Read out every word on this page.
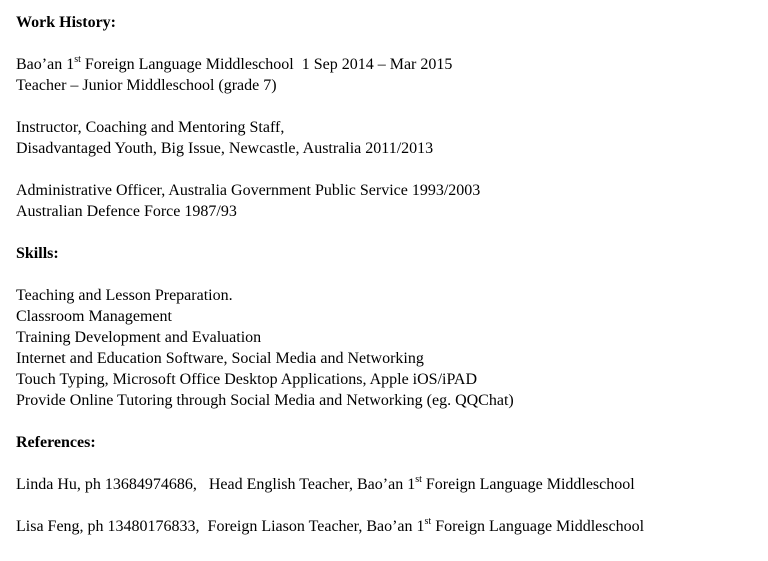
Work History:
Bao’an 1st Foreign Language Middleschool  1 Sep 2014 – Mar 2015
Teacher – Junior Middleschool (grade 7)
Instructor, Coaching and Mentoring Staff,
Disadvantaged Youth, Big Issue, Newcastle, Australia 2011/2013
Administrative Officer, Australia Government Public Service 1993/2003
Australian Defence Force 1987/93
Skills:
Teaching and Lesson Preparation.
Classroom Management
Training Development and Evaluation
Internet and Education Software, Social Media and Networking
Touch Typing, Microsoft Office Desktop Applications, Apple iOS/iPAD
Provide Online Tutoring through Social Media and Networking (eg. QQChat)
References:
Linda Hu, ph 13684974686,   Head English Teacher, Bao’an 1st Foreign Language Middleschool
Lisa Feng, ph 13480176833,  Foreign Liason Teacher, Bao’an 1st Foreign Language Middleschool
